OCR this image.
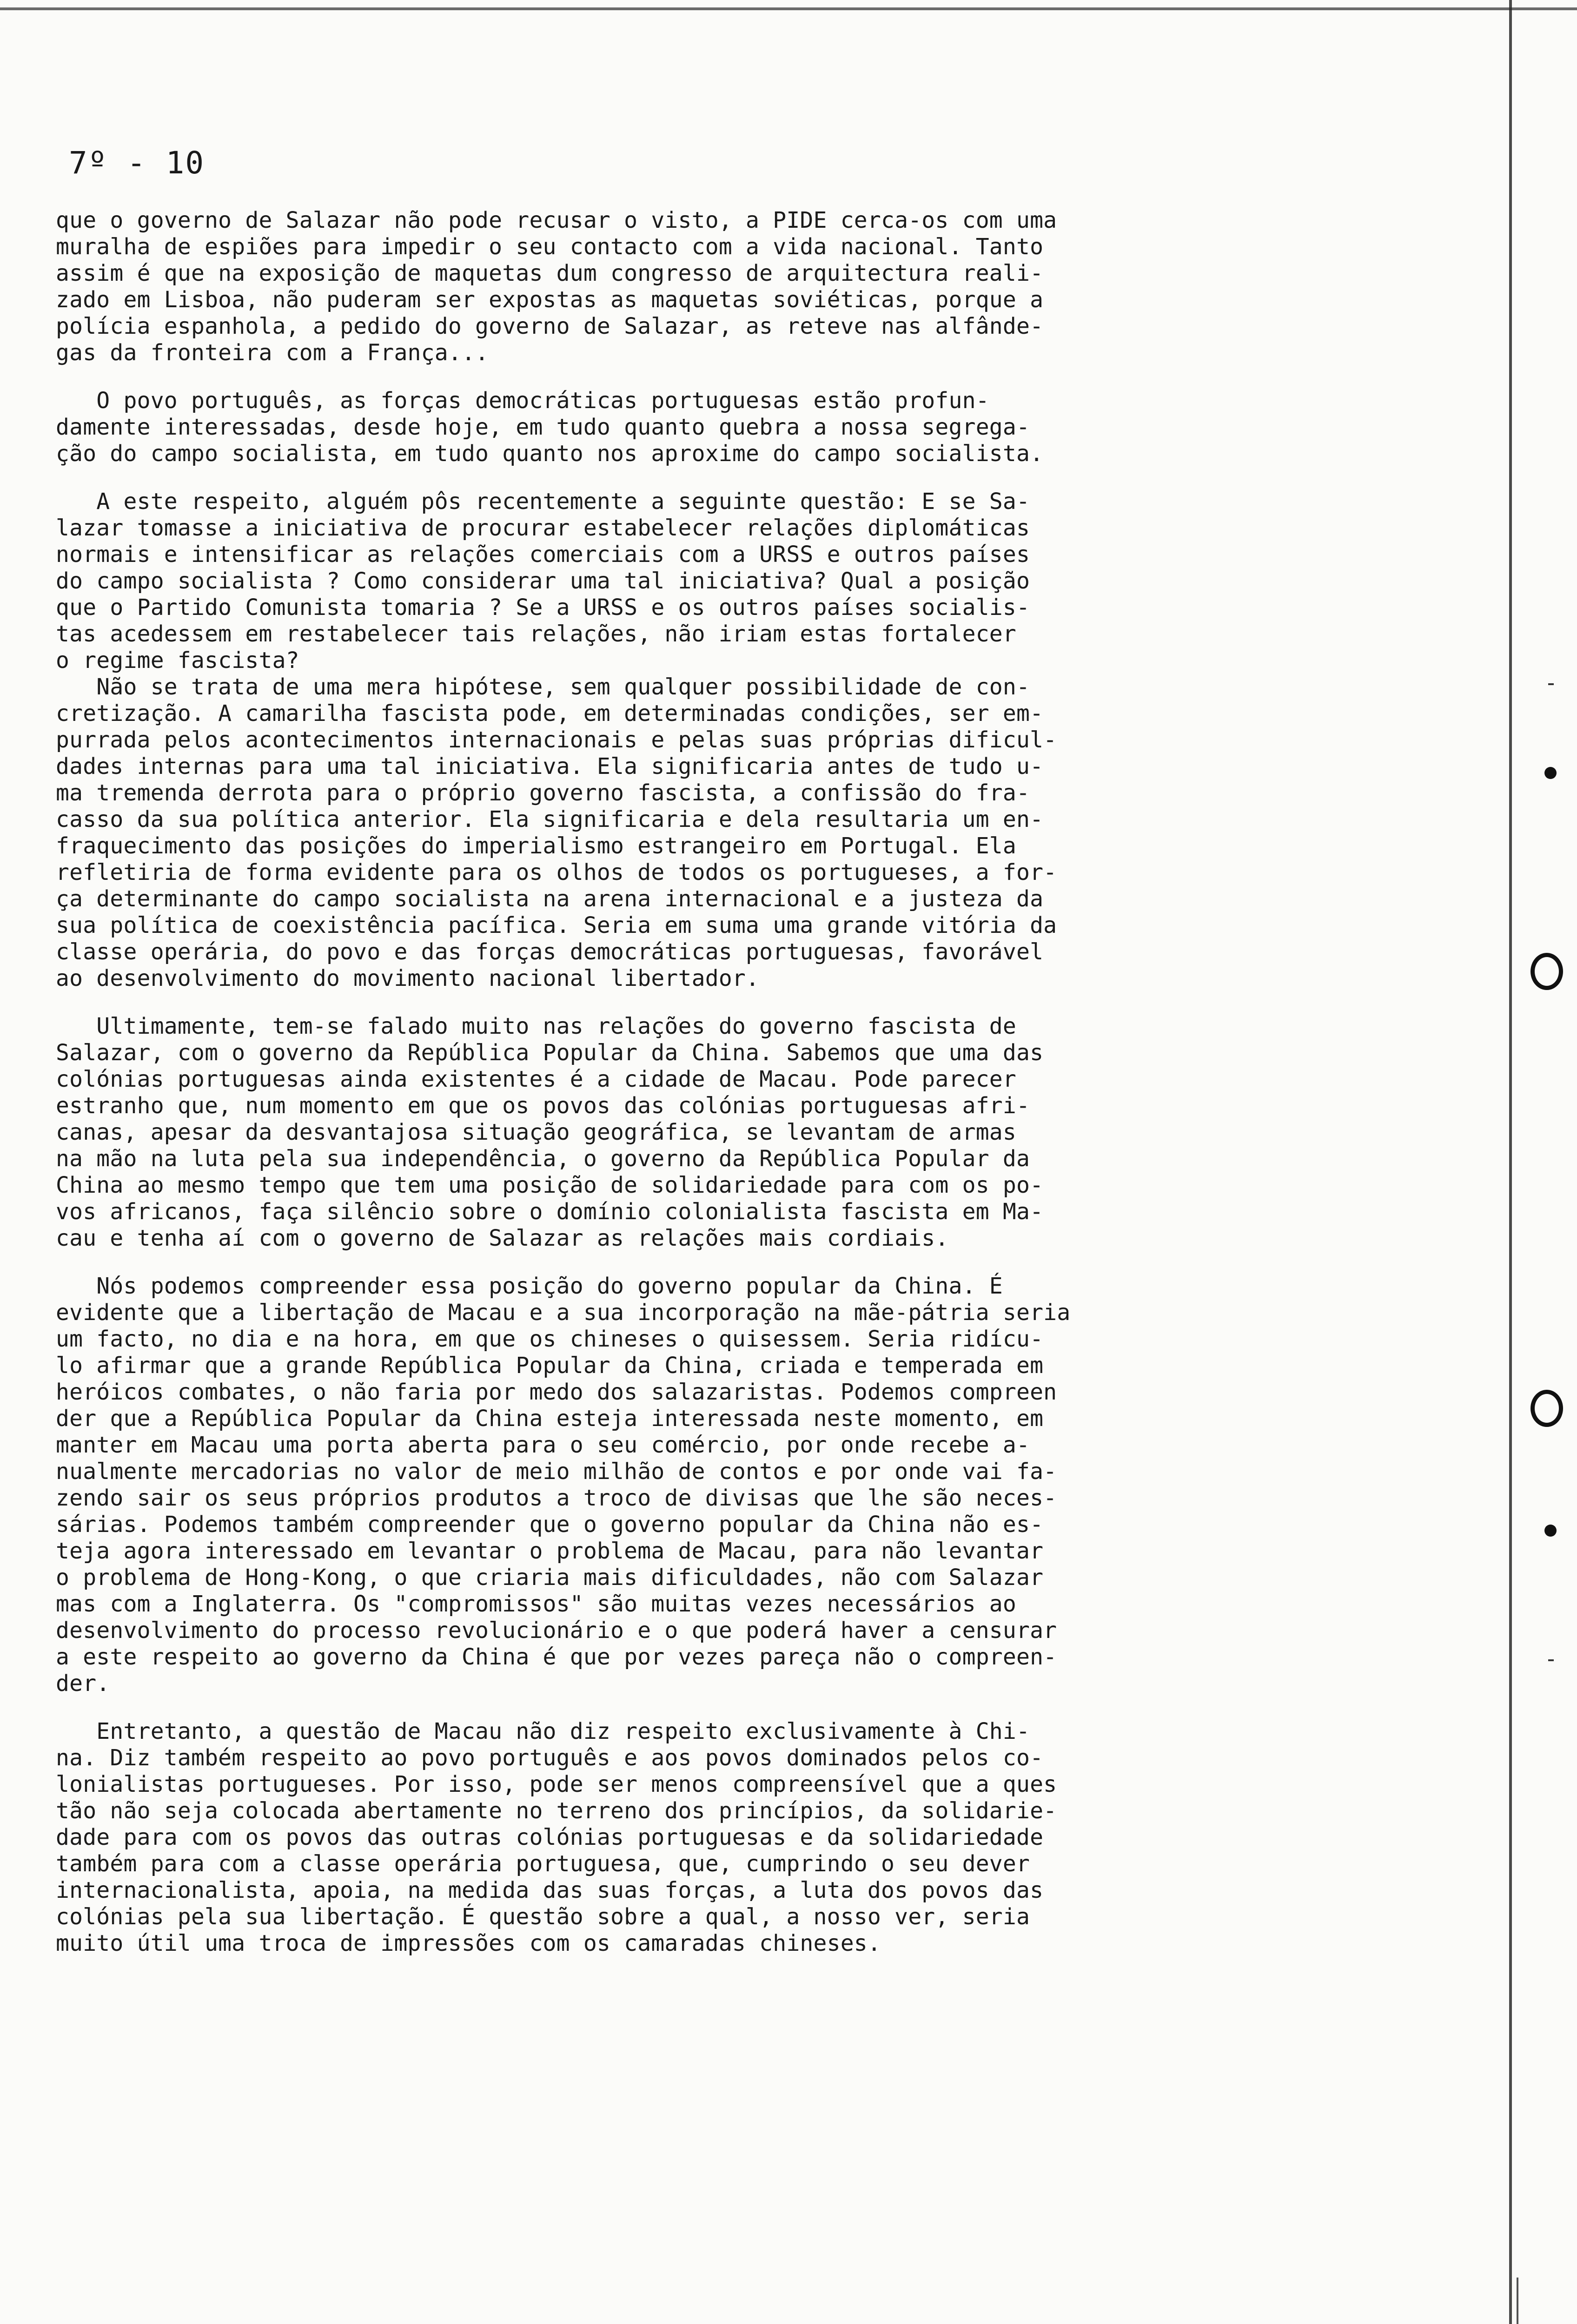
7º - 10
que o governo de Salazar não pode recusar o visto, a PIDE cerca-os com uma
muralha de espiões para impedir o seu contacto com a vida nacional. Tanto
assim é que na exposição de maquetas dum congresso de arquitectura reali-
zado em Lisboa, não puderam ser expostas as maquetas soviéticas, porque a
polícia espanhola, a pedido do governo de Salazar, as reteve nas alfânde-
gas da fronteira com a França...
O povo português, as forças democráticas portuguesas estão profun-
damente interessadas, desde hoje, em tudo quanto quebra a nossa segrega-
ção do campo socialista, em tudo quanto nos aproxime do campo socialista.
A este respeito, alguém pôs recentemente a seguinte questão: E se Sa-
lazar tomasse a iniciativa de procurar estabelecer relações diplomáticas
normais e intensificar as relações comerciais com a URSS e outros países
do campo socialista ? Como considerar uma tal iniciativa? Qual a posição
que o Partido Comunista tomaria ? Se a URSS e os outros países socialis-
tas acedessem em restabelecer tais relações, não iriam estas fortalecer
o regime fascista?
Não se trata de uma mera hipótese, sem qualquer possibilidade de con-
cretização. A camarilha fascista pode, em determinadas condições, ser em-
purrada pelos acontecimentos internacionais e pelas suas próprias dificul-
dades internas para uma tal iniciativa. Ela significaria antes de tudo u-
ma tremenda derrota para o próprio governo fascista, a confissão do fra-
casso da sua política anterior. Ela significaria e dela resultaria um en-
fraquecimento das posições do imperialismo estrangeiro em Portugal. Ela
refletiria de forma evidente para os olhos de todos os portugueses, a for-
ça determinante do campo socialista na arena internacional e a justeza da
sua política de coexistência pacífica. Seria em suma uma grande vitória da
classe operária, do povo e das forças democráticas portuguesas, favorável
ao desenvolvimento do movimento nacional libertador.
Ultimamente, tem-se falado muito nas relações do governo fascista de
Salazar, com o governo da República Popular da China. Sabemos que uma das
colónias portuguesas ainda existentes é a cidade de Macau. Pode parecer
estranho que, num momento em que os povos das colónias portuguesas afri-
canas, apesar da desvantajosa situação geográfica, se levantam de armas
na mão na luta pela sua independência, o governo da República Popular da
China ao mesmo tempo que tem uma posição de solidariedade para com os po-
vos africanos, faça silêncio sobre o domínio colonialista fascista em Ma-
cau e tenha aí com o governo de Salazar as relações mais cordiais.
Nós podemos compreender essa posição do governo popular da China. É
evidente que a libertação de Macau e a sua incorporação na mãe-pátria seria
um facto, no dia e na hora, em que os chineses o quisessem. Seria ridícu-
lo afirmar que a grande República Popular da China, criada e temperada em
heróicos combates, o não faria por medo dos salazaristas. Podemos compreen
der que a República Popular da China esteja interessada neste momento, em
manter em Macau uma porta aberta para o seu comércio, por onde recebe a-
nualmente mercadorias no valor de meio milhão de contos e por onde vai fa-
zendo sair os seus próprios produtos a troco de divisas que lhe são neces-
sárias. Podemos também compreender que o governo popular da China não es-
teja agora interessado em levantar o problema de Macau, para não levantar
o problema de Hong-Kong, o que criaria mais dificuldades, não com Salazar
mas com a Inglaterra. Os "compromissos" são muitas vezes necessários ao
desenvolvimento do processo revolucionário e o que poderá haver a censurar
a este respeito ao governo da China é que por vezes pareça não o compreen-
der.
Entretanto, a questão de Macau não diz respeito exclusivamente à Chi-
na. Diz também respeito ao povo português e aos povos dominados pelos co-
lonialistas portugueses. Por isso, pode ser menos compreensível que a ques
tão não seja colocada abertamente no terreno dos princípios, da solidarie-
dade para com os povos das outras colónias portuguesas e da solidariedade
também para com a classe operária portuguesa, que, cumprindo o seu dever
internacionalista, apoia, na medida das suas forças, a luta dos povos das
colónias pela sua libertação. É questão sobre a qual, a nosso ver, seria
muito útil uma troca de impressões com os camaradas chineses.
